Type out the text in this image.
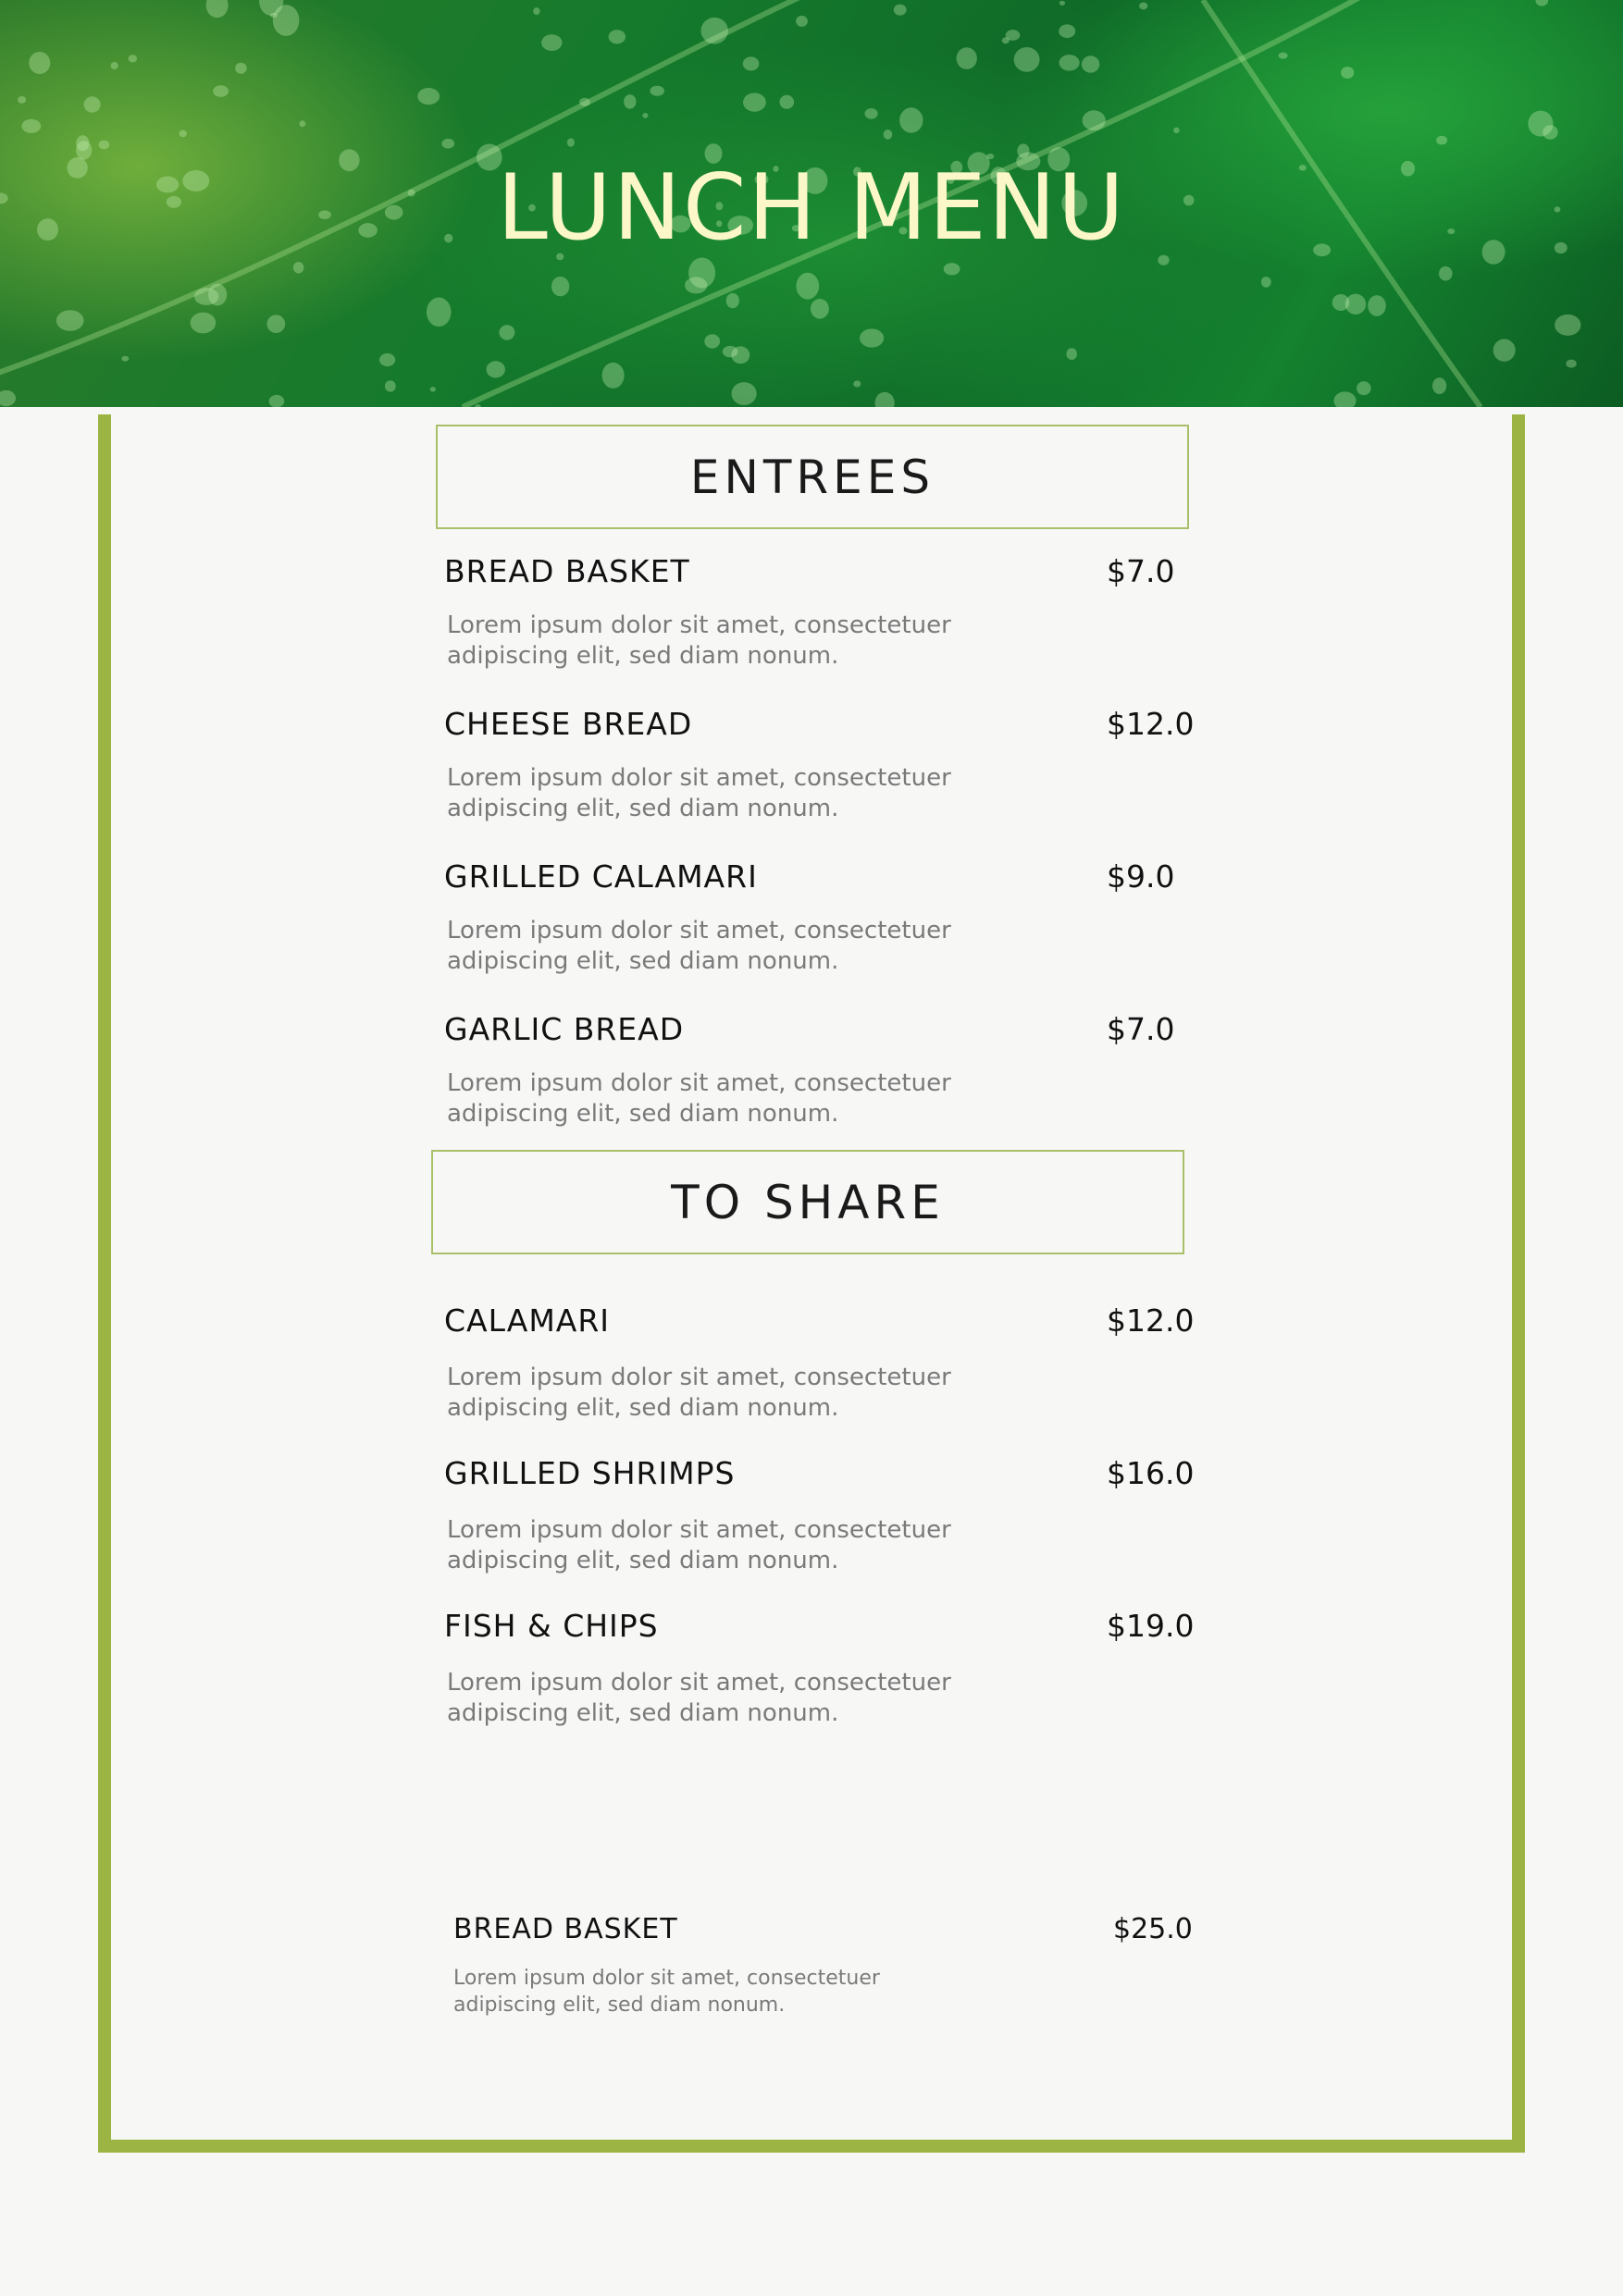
LUNCH MENU
ENTREES

BREAD BASKET	$7.0

Lorem ipsum dolor sit amet, consectetuer adipiscing elit, sed diam nonum.

CHEESE BREAD	$12.0

Lorem ipsum dolor sit amet, consectetuer adipiscing elit, sed diam nonum.

GRILLED CALAMARI	$9.0

Lorem ipsum dolor sit amet, consectetuer adipiscing elit, sed diam nonum.

GARLIC BREAD	$7.0

Lorem ipsum dolor sit amet, consectetuer adipiscing elit, sed diam nonum.

TO SHARE

CALAMARI	$12.0

Lorem ipsum dolor sit amet, consectetuer adipiscing elit, sed diam nonum.

GRILLED SHRIMPS	$16.0

Lorem ipsum dolor sit amet, consectetuer adipiscing elit, sed diam nonum.

FISH & CHIPS	$19.0

Lorem ipsum dolor sit amet, consectetuer adipiscing elit, sed diam nonum.

BREAD BASKET	$25.0

Lorem ipsum dolor sit amet, consectetuer adipiscing elit, sed diam nonum.
